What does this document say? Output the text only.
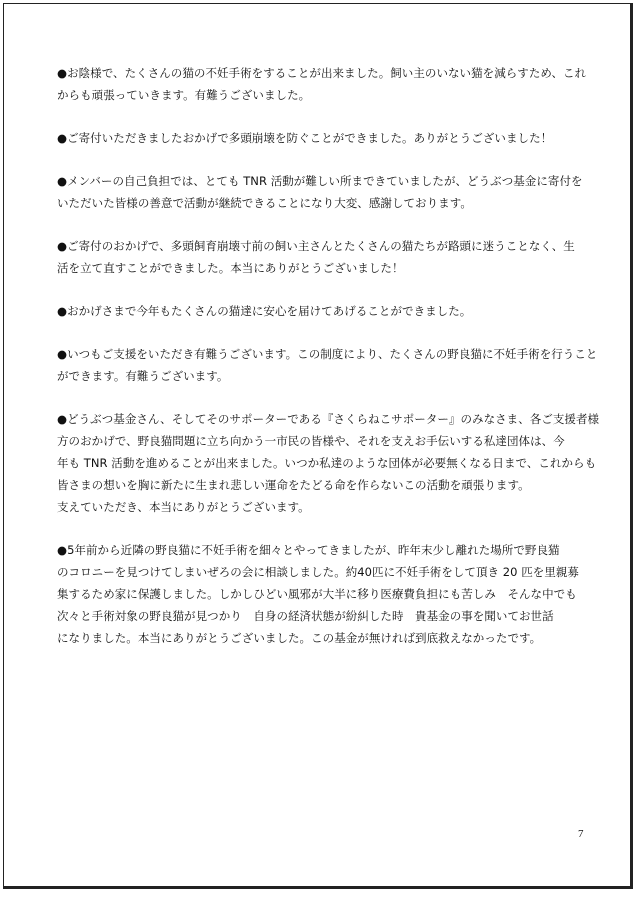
●お陰様で、たくさんの猫の不妊手術をすることが出来ました。飼い主のいない猫を減らすため、これ
からも頑張っていきます。有難うございました。
●ご寄付いただきましたおかげで多頭崩壊を防ぐことができました。ありがとうございました！
●メンバーの自己負担では、とても TNR 活動が難しい所まできていましたが、どうぶつ基金に寄付を
いただいた皆様の善意で活動が継続できることになり大変、感謝しております。
●ご寄付のおかげで、多頭飼育崩壊寸前の飼い主さんとたくさんの猫たちが路頭に迷うことなく、生
活を立て直すことができました。本当にありがとうございました！
●おかげさまで今年もたくさんの猫達に安心を届けてあげることができました。
●いつもご支援をいただき有難うございます。この制度により、たくさんの野良猫に不妊手術を行うこと
ができます。有難うございます。
●どうぶつ基金さん、そしてそのサポーターである『さくらねこサポーター』のみなさま、各ご支援者様
方のおかげで、野良猫問題に立ち向かう一市民の皆様や、それを支えお手伝いする私達団体は、今
年も TNR 活動を進めることが出来ました。いつか私達のような団体が必要無くなる日まで、これからも
皆さまの想いを胸に新たに生まれ悲しい運命をたどる命を作らないこの活動を頑張ります。
支えていただき、本当にありがとうございます。
●5年前から近隣の野良猫に不妊手術を細々とやってきましたが、昨年末少し離れた場所で野良猫
のコロニーを見つけてしまいぜろの会に相談しました。約40匹に不妊手術をして頂き 20 匹を里親募
集するため家に保護しました。しかしひどい風邪が大半に移り医療費負担にも苦しみ　そんな中でも
次々と手術対象の野良猫が見つかり　自身の経済状態が紛糾した時　貴基金の事を聞いてお世話
になりました。本当にありがとうございました。この基金が無ければ到底救えなかったです。
7
